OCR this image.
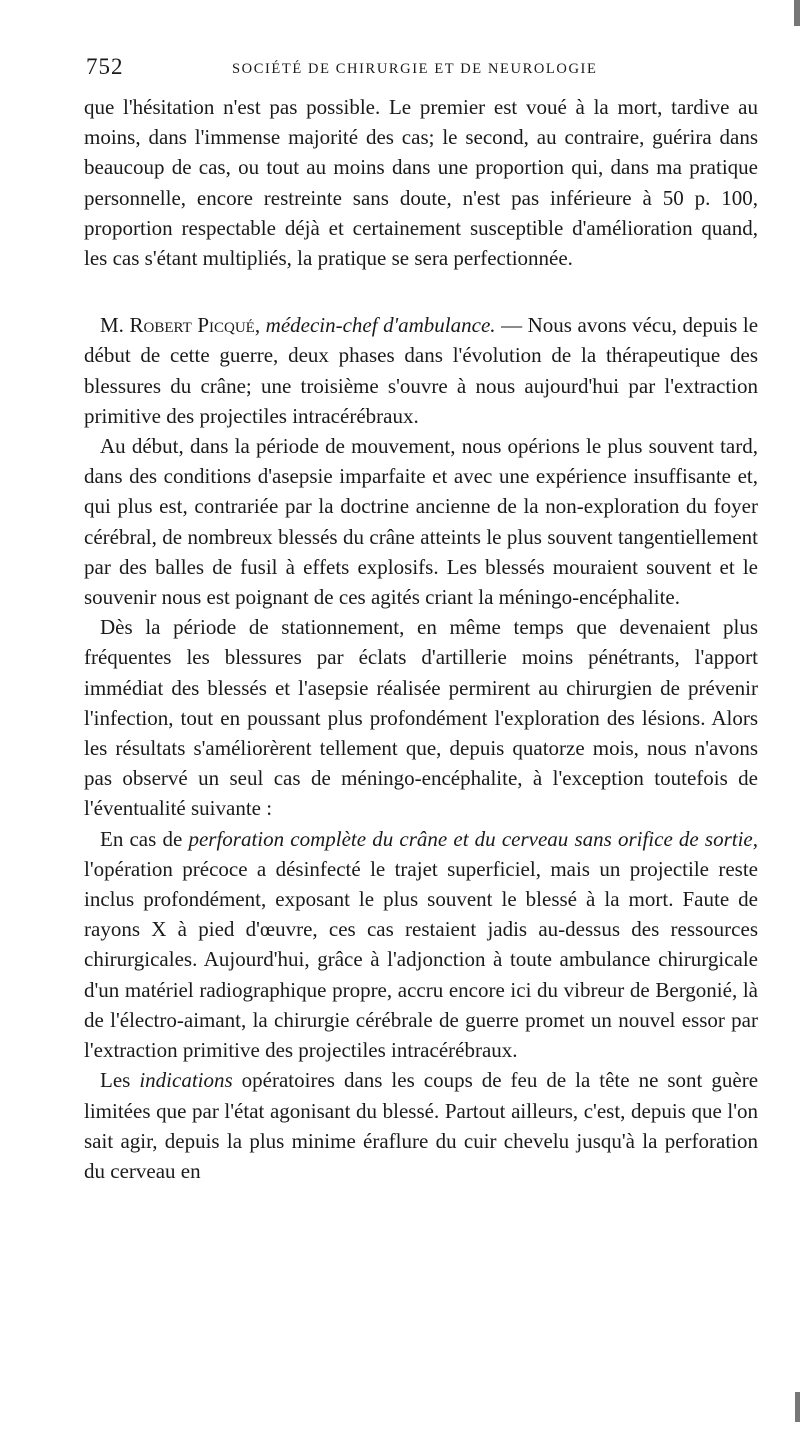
752	SOCIÉTÉ DE CHIRURGIE ET DE NEUROLOGIE

que l'hésitation n'est pas possible. Le premier est voué à la mort, tardive au moins, dans l'immense majorité des cas; le second, au contraire, guérira dans beaucoup de cas, ou tout au moins dans une proportion qui, dans ma pratique personnelle, encore restreinte sans doute, n'est pas inférieure à 50 p. 100, proportion respectable déjà et certainement susceptible d'amélioration quand, les cas s'étant multipliés, la pratique se sera perfectionnée.

M. Robert Picqué, médecin-chef d'ambulance. — Nous avons vécu, depuis le début de cette guerre, deux phases dans l'évolution de la thérapeutique des blessures du crâne; une troisième s'ouvre à nous aujourd'hui par l'extraction primitive des projectiles intracérébraux.

Au début, dans la période de mouvement, nous opérions le plus souvent tard, dans des conditions d'asepsie imparfaite et avec une expérience insuffisante et, qui plus est, contrariée par la doctrine ancienne de la non-exploration du foyer cérébral, de nombreux blessés du crâne atteints le plus souvent tangentiellement par des balles de fusil à effets explosifs. Les blessés mouraient souvent et le souvenir nous est poignant de ces agités criant la méningo-encéphalite.

Dès la période de stationnement, en même temps que devenaient plus fréquentes les blessures par éclats d'artillerie moins pénétrants, l'apport immédiat des blessés et l'asepsie réalisée permirent au chirurgien de prévenir l'infection, tout en poussant plus profondément l'exploration des lésions. Alors les résultats s'améliorèrent tellement que, depuis quatorze mois, nous n'avons pas observé un seul cas de méningo-encéphalite, à l'exception toutefois de l'éventualité suivante :

En cas de perforation complète du crâne et du cerveau sans orifice de sortie, l'opération précoce a désinfecté le trajet superficiel, mais un projectile reste inclus profondément, exposant le plus souvent le blessé à la mort. Faute de rayons X à pied d'œuvre, ces cas restaient jadis au-dessus des ressources chirurgicales. Aujourd'hui, grâce à l'adjonction à toute ambulance chirurgicale d'un matériel radiographique propre, accru encore ici du vibreur de Bergonié, là de l'électro-aimant, la chirurgie cérébrale de guerre promet un nouvel essor par l'extraction primitive des projectiles intracérébraux.

Les indications opératoires dans les coups de feu de la tête ne sont guère limitées que par l'état agonisant du blessé. Partout ailleurs, c'est, depuis que l'on sait agir, depuis la plus minime éraflure du cuir chevelu jusqu'à la perforation du cerveau en
